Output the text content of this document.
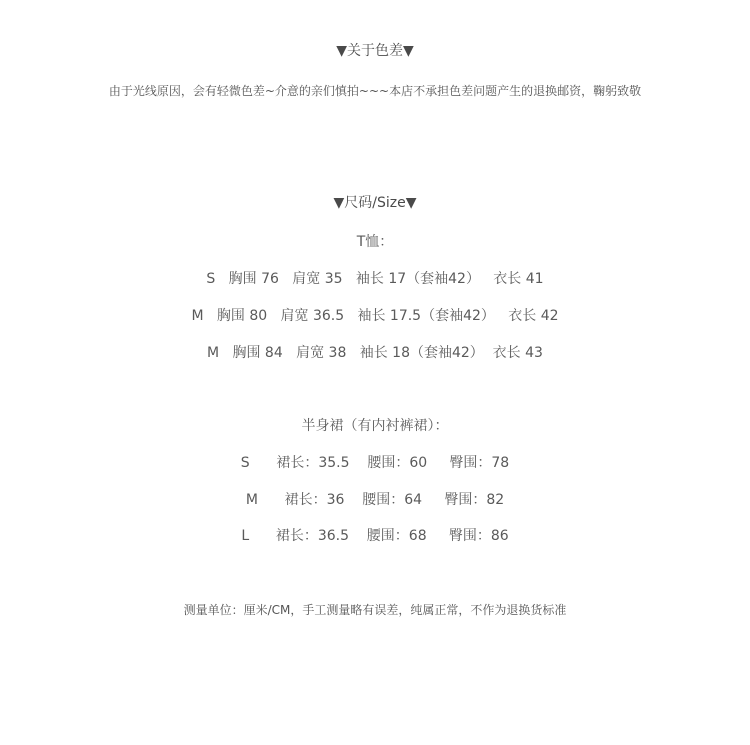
▼关于色差▼
由于光线原因，会有轻微色差~介意的亲们慎拍~~~本店不承担色差问题产生的退换邮资，鞠躬致敬
▼尺码/Size▼
T恤：
S   胸围 76   肩宽 35   袖长 17（套袖42）   衣长 41
M   胸围 80   肩宽 36.5   袖长 17.5（套袖42）   衣长 42
M   胸围 84   肩宽 38   袖长 18（套袖42）  衣长 43
半身裙（有内衬裤裙）：
S      裙长：35.5    腰围：60     臀围：78
M      裙长：36    腰围：64     臀围：82
L      裙长：36.5    腰围：68     臀围：86
测量单位：厘米/CM，手工测量略有误差，纯属正常，不作为退换货标准
